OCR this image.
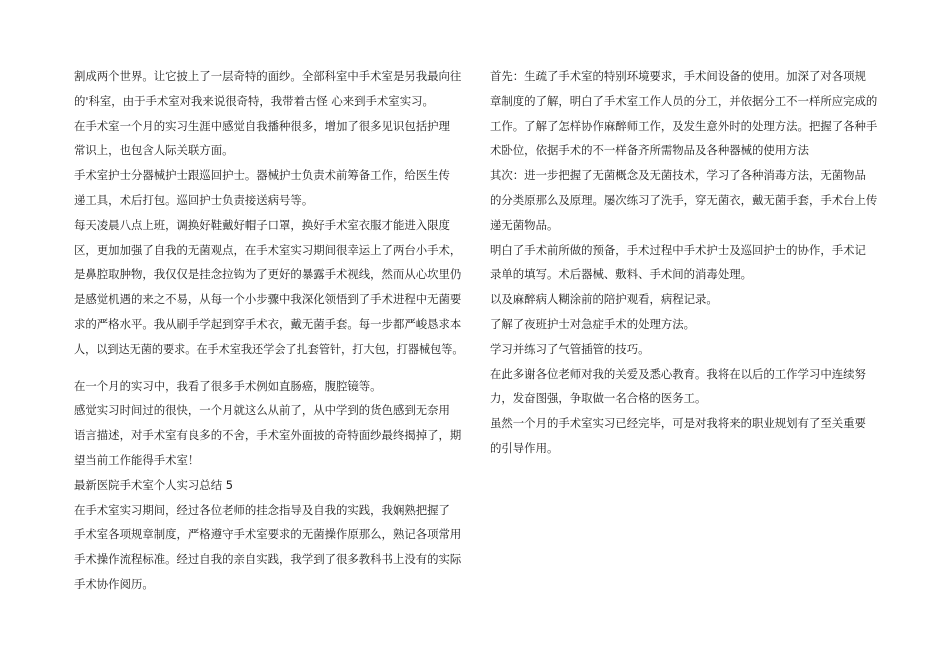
割成两个世界。让它披上了一层奇特的面纱。全部科室中手术室是另我最向往
的'科室，由于手术室对我来说很奇特，我带着古怪 心来到手术室实习。
在手术室一个月的实习生涯中感觉自我播种很多，增加了很多见识包括护理
常识上，也包含人际关联方面。
手术室护士分器械护士跟巡回护士。器械护士负责术前筹备工作，给医生传
递工具，术后打包。巡回护士负责接送病号等。
每天凌晨八点上班，调换好鞋戴好帽子口罩，换好手术室衣服才能进入限度
区，更加加强了自我的无菌观点，在手术室实习期间很幸运上了两台小手术，
是鼻腔取肿物，我仅仅是挂念拉钩为了更好的暴露手术视线，然而从心坎里仍
是感觉机遇的来之不易，从每一个小步骤中我深化领悟到了手术进程中无菌要
求的严格水平。我从刷手学起到穿手术衣，戴无菌手套。每一步都严峻恳求本
人，以到达无菌的要求。在手术室我还学会了扎套管针，打大包，打器械包等。
在一个月的实习中，我看了很多手术例如直肠癌，腹腔镜等。
感觉实习时间过的很快，一个月就这么从前了，从中学到的货色感到无奈用
语言描述，对手术室有良多的不舍，手术室外面披的奇特面纱最终揭掉了，期
望当前工作能得手术室！
最新医院手术室个人实习总结 5
在手术室实习期间，经过各位老师的挂念指导及自我的实践，我娴熟把握了
手术室各项规章制度，严格遵守手术室要求的无菌操作原那么，熟记各项常用
手术操作流程标准。经过自我的亲自实践，我学到了很多教科书上没有的实际
手术协作阅历。
首先：生疏了手术室的特别环境要求，手术间设备的使用。加深了对各项规
章制度的了解，明白了手术室工作人员的分工，并依据分工不一样所应完成的
工作。了解了怎样协作麻醉师工作，及发生意外时的处理方法。把握了各种手
术卧位，依据手术的不一样备齐所需物品及各种器械的使用方法
其次：进一步把握了无菌概念及无菌技术，学习了各种消毒方法，无菌物品
的分类原那么及原理。屡次练习了洗手，穿无菌衣，戴无菌手套，手术台上传
递无菌物品。
明白了手术前所做的预备，手术过程中手术护士及巡回护士的协作，手术记
录单的填写。术后器械、敷料、手术间的消毒处理。
以及麻醉病人糊涂前的陪护观看，病程记录。
了解了夜班护士对急症手术的处理方法。
学习并练习了气管插管的技巧。
在此多谢各位老师对我的关爱及悉心教育。我将在以后的工作学习中连续努
力，发奋图强，争取做一名合格的医务工。
虽然一个月的手术室实习已经完毕，可是对我将来的职业规划有了至关重要
的引导作用。
